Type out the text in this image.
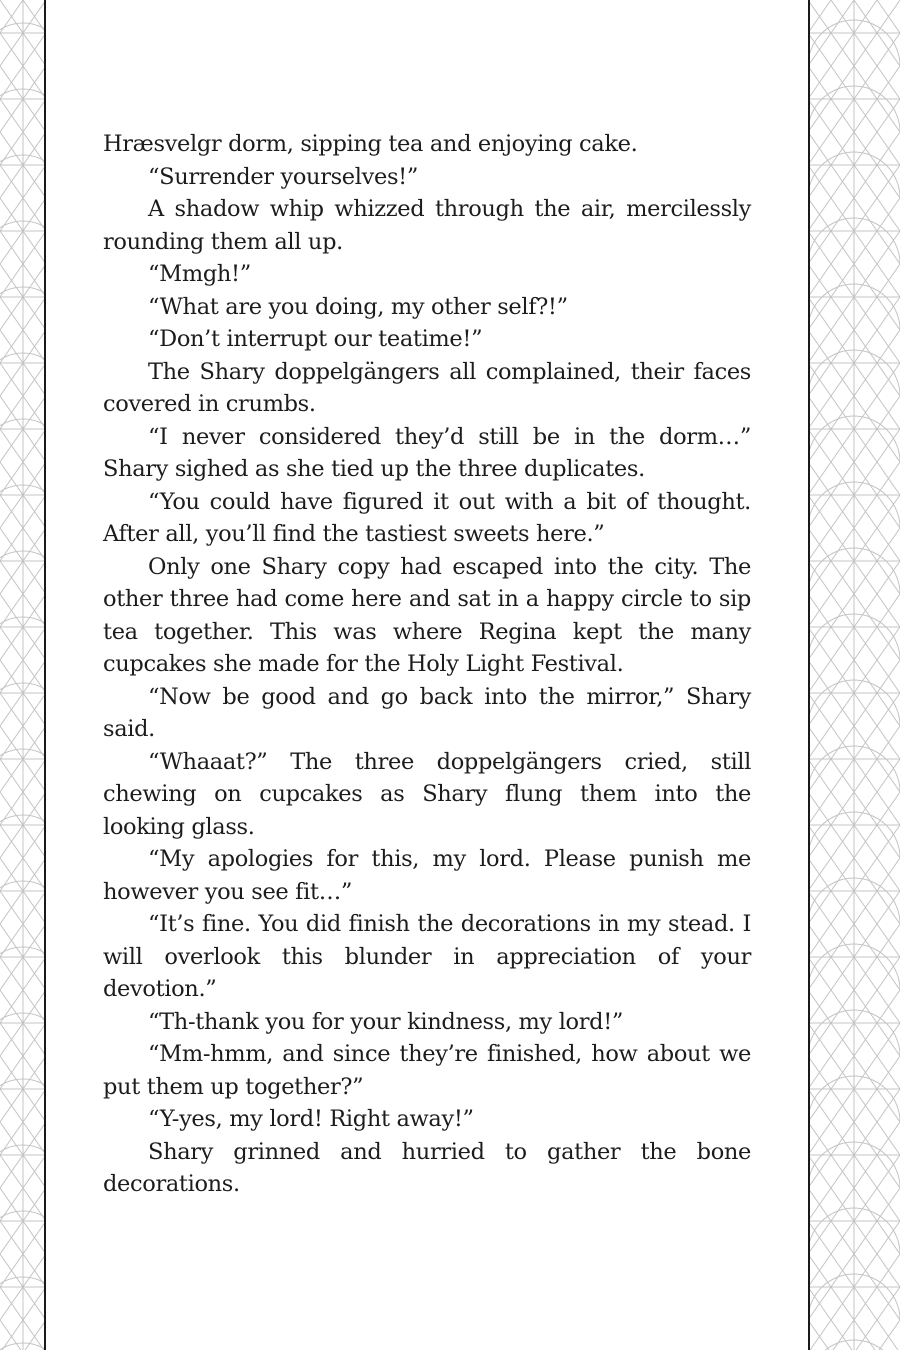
Hræsvelgr dorm, sipping tea and enjoying cake.

“Surrender yourselves!”

A shadow whip whizzed through the air, mercilessly rounding them all up.

“Mmgh!”

“What are you doing, my other self?!”

“Don’t interrupt our teatime!”

The Shary doppelgängers all complained, their faces covered in crumbs.

“I never considered they’d still be in the dorm…” Shary sighed as she tied up the three duplicates.

“You could have figured it out with a bit of thought. After all, you’ll find the tastiest sweets here.”

Only one Shary copy had escaped into the city. The other three had come here and sat in a happy circle to sip tea together. This was where Regina kept the many cupcakes she made for the Holy Light Festival.

“Now be good and go back into the mirror,” Shary said.

“Whaaat?” The three doppelgängers cried, still chewing on cupcakes as Shary flung them into the looking glass.

“My apologies for this, my lord. Please punish me however you see fit…”

“It’s fine. You did finish the decorations in my stead. I will overlook this blunder in appreciation of your devotion.”

“Th-thank you for your kindness, my lord!”

“Mm-hmm, and since they’re finished, how about we put them up together?”

“Y-yes, my lord! Right away!”

Shary grinned and hurried to gather the bone decorations.
